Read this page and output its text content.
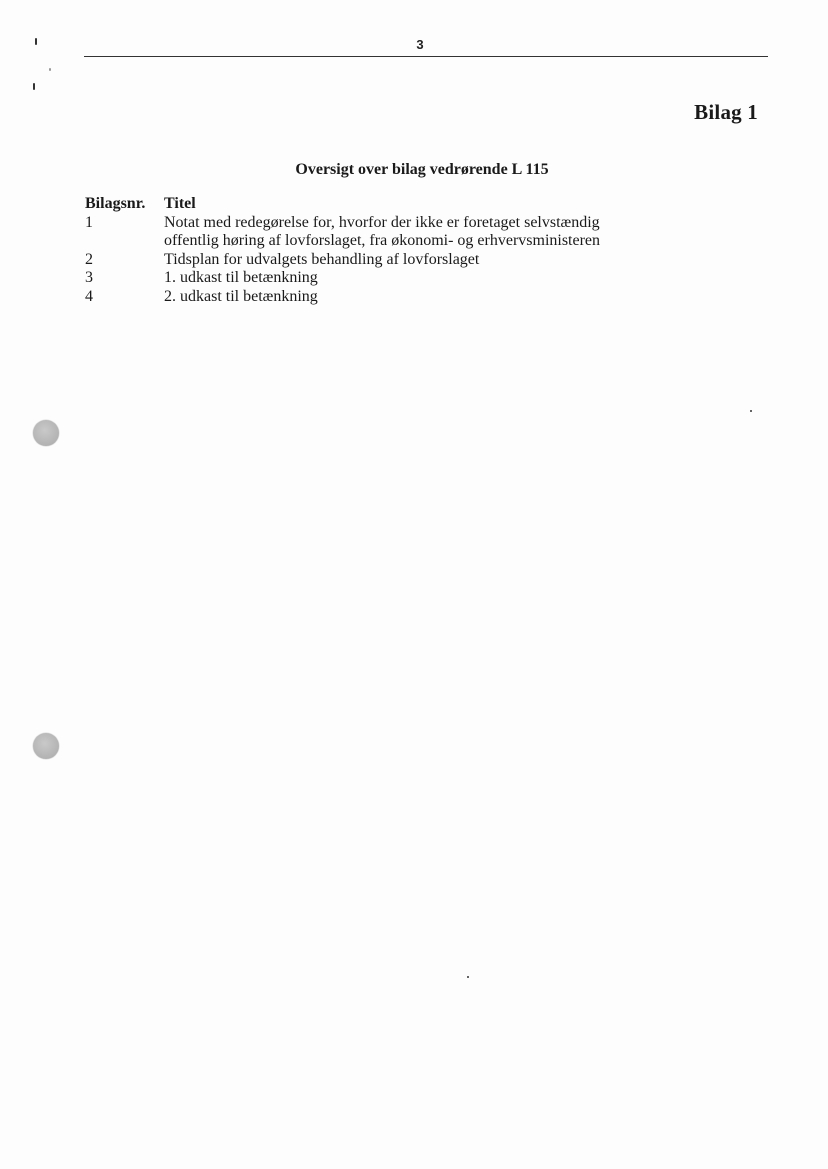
3
Bilag 1
Oversigt over bilag vedrørende L 115
Bilagsnr.	Titel
1	Notat med redegørelse for, hvorfor der ikke er foretaget selvstændig
offentlig høring af lovforslaget, fra økonomi- og erhvervsministeren

2	Tidsplan for udvalgets behandling af lovforslaget

3	1. udkast til betænkning

4	2. udkast til betænkning
